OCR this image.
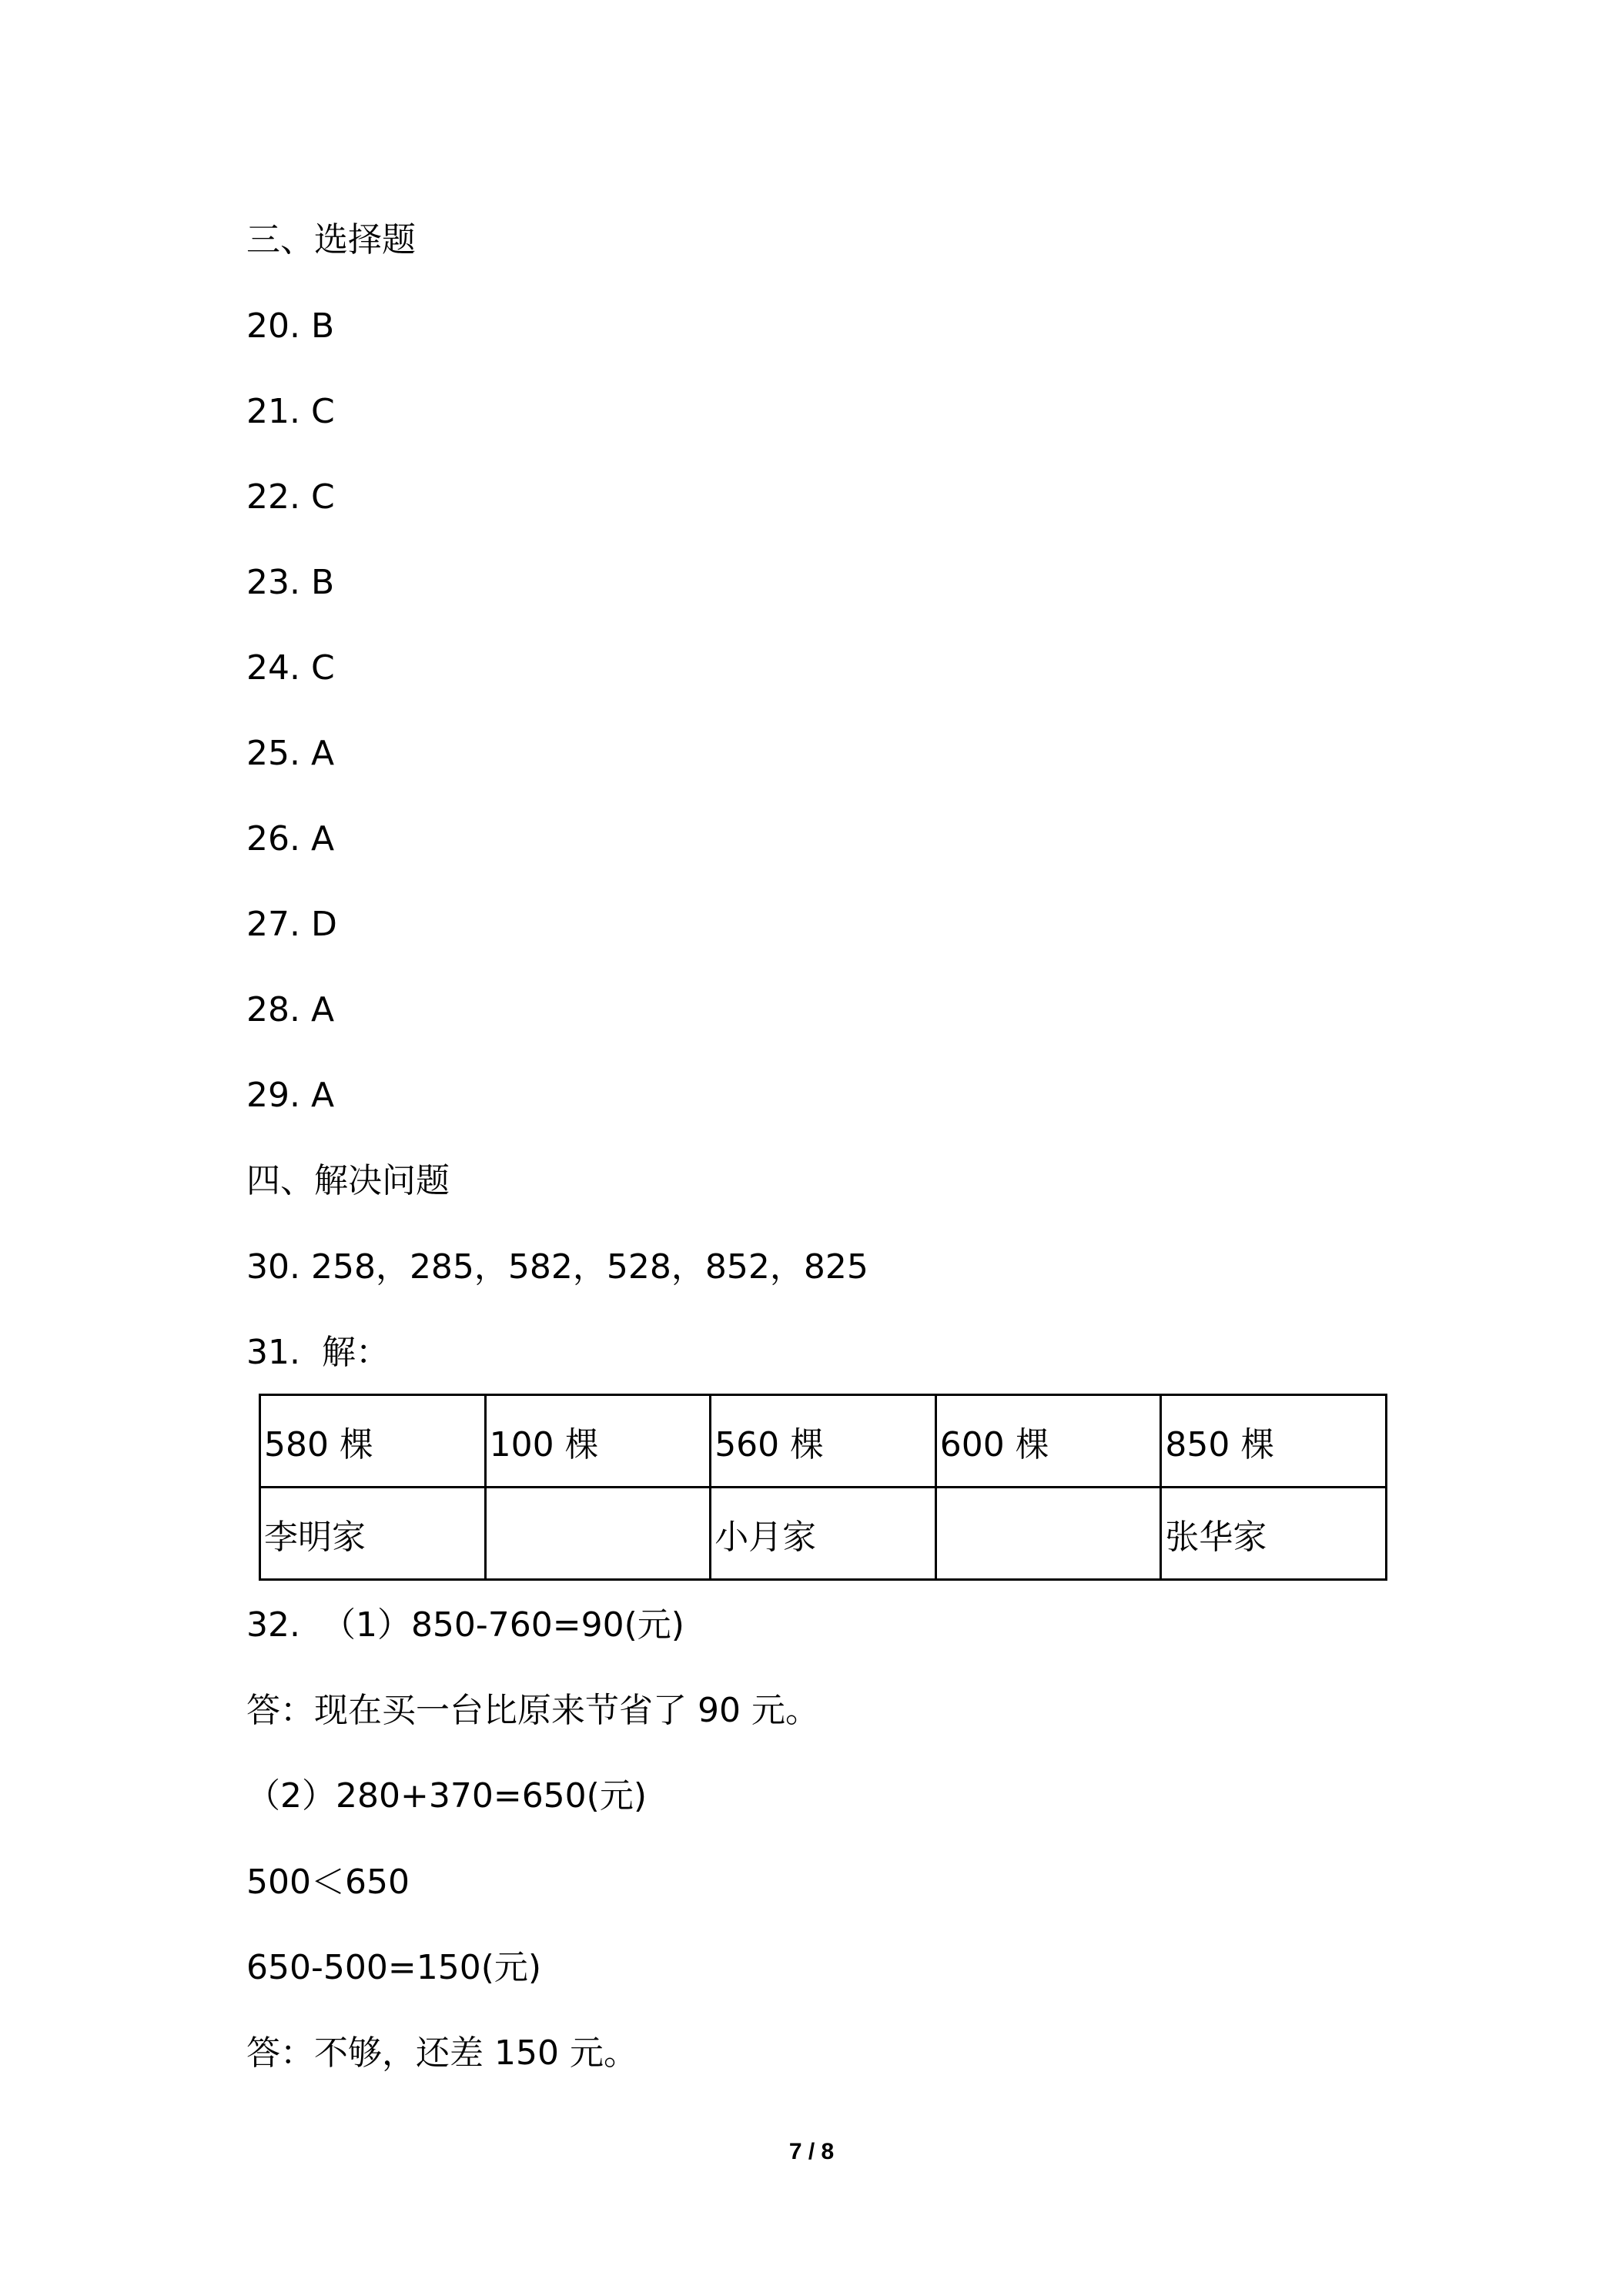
三、选择题
20. B
21. C
22. C
23. B
24. C
25. A
26. A
27. D
28. A
29. A
四、解决问题
30. 258，285，582，528，852，825
31.  解：
580 棵	100 棵	560 棵	600 棵	850 棵
李明家		小月家		张华家
32.  （1）850-760=90(元)
答：现在买一台比原来节省了 90 元。
（2）280+370=650(元)
500＜650
650-500=150(元)
答：不够，还差 150 元。
7 / 8
